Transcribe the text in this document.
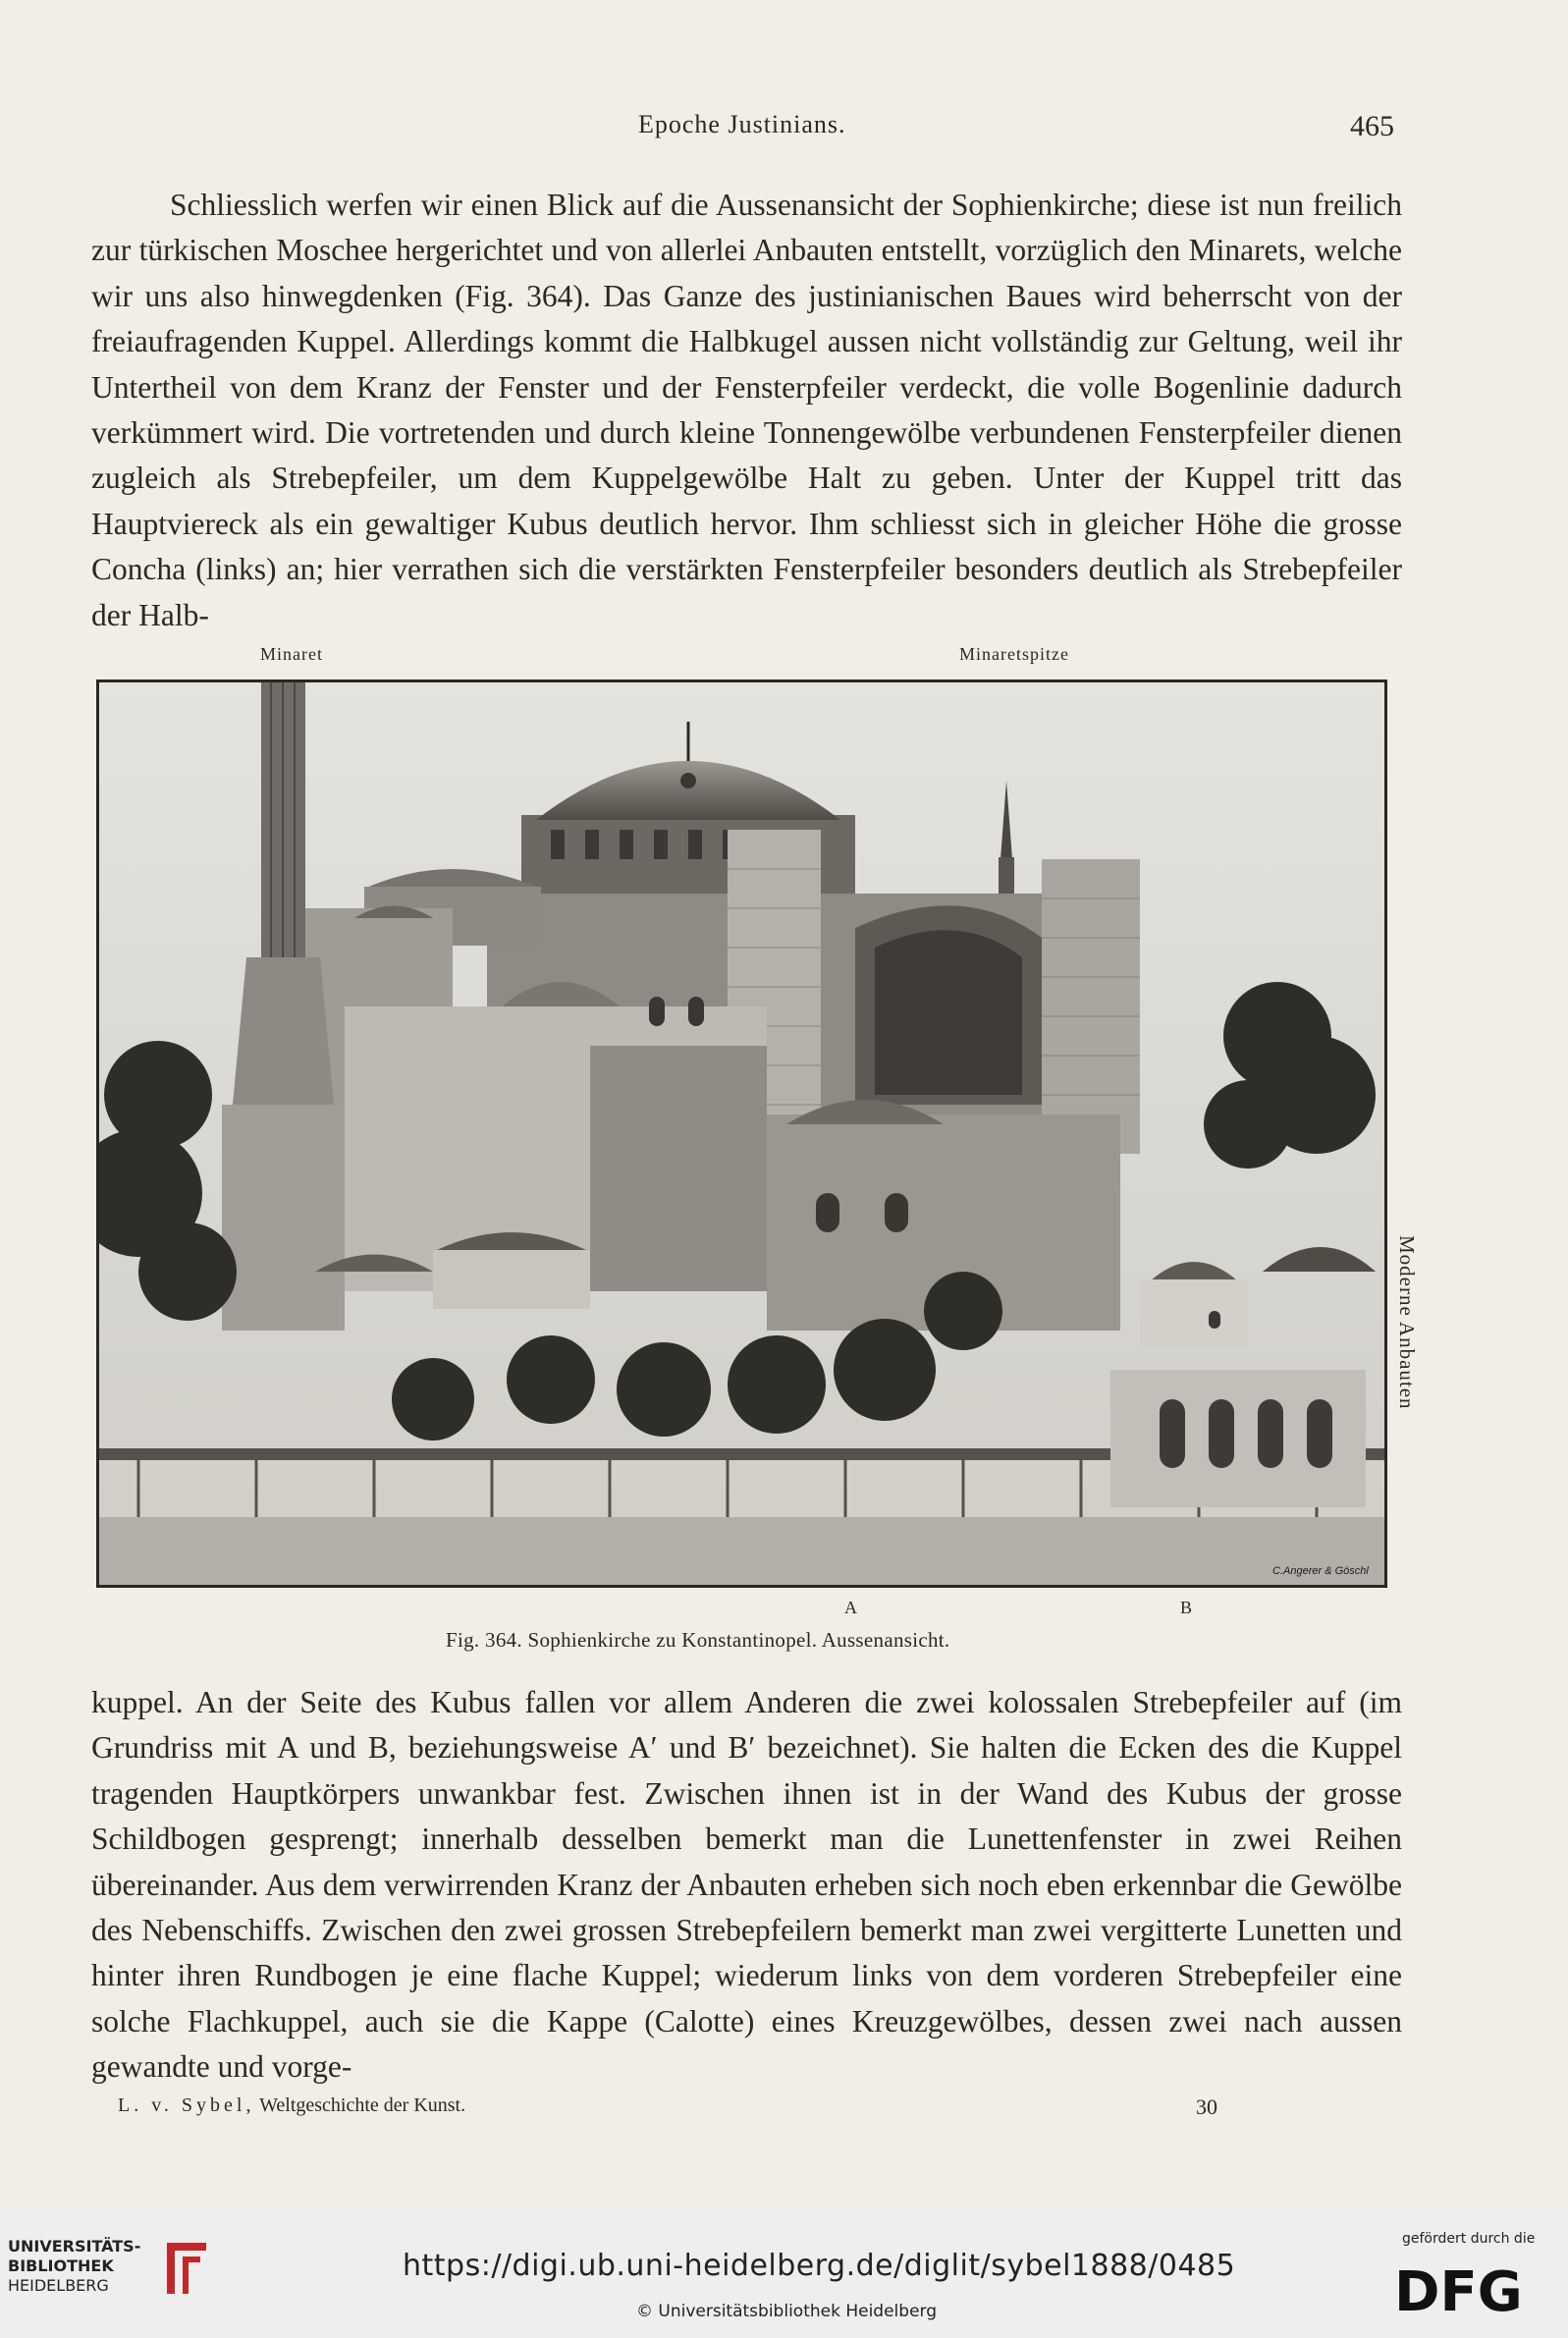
Epoche Justinians.	465

Schliesslich werfen wir einen Blick auf die Aussenansicht der Sophienkirche; diese ist nun freilich zur türkischen Moschee hergerichtet und von allerlei Anbauten entstellt, vorzüglich den Minarets, welche wir uns also hinwegdenken (Fig. 364). Das Ganze des justinianischen Baues wird beherrscht von der freiaufragenden Kuppel. Allerdings kommt die Halbkugel aussen nicht vollständig zur Geltung, weil ihr Untertheil von dem Kranz der Fenster und der Fensterpfeiler verdeckt, die volle Bogenlinie dadurch verkümmert wird. Die vortretenden und durch kleine Tonnengewölbe verbundenen Fensterpfeiler dienen zugleich als Strebepfeiler, um dem Kuppelgewölbe Halt zu geben. Unter der Kuppel tritt das Hauptviereck als ein gewaltiger Kubus deutlich hervor. Ihm schliesst sich in gleicher Höhe die grosse Concha (links) an; hier verrathen sich die verstärkten Fensterpfeiler besonders deutlich als Strebepfeiler der Halb-

Minaret	Minaretspitze
C.Angerer & Göschl
Moderne Anbauten
A	B
Fig. 364. Sophienkirche zu Konstantinopel. Aussenansicht.

kuppel. An der Seite des Kubus fallen vor allem Anderen die zwei kolossalen Strebepfeiler auf (im Grundriss mit A und B, beziehungsweise A′ und B′ bezeichnet). Sie halten die Ecken des die Kuppel tragenden Hauptkörpers unwankbar fest. Zwischen ihnen ist in der Wand des Kubus der grosse Schildbogen gesprengt; innerhalb desselben bemerkt man die Lunettenfenster in zwei Reihen übereinander. Aus dem verwirrenden Kranz der Anbauten erheben sich noch eben erkennbar die Gewölbe des Nebenschiffs. Zwischen den zwei grossen Strebepfeilern bemerkt man zwei vergitterte Lunetten und hinter ihren Rundbogen je eine flache Kuppel; wiederum links von dem vorderen Strebepfeiler eine solche Flachkuppel, auch sie die Kappe (Calotte) eines Kreuzgewölbes, dessen zwei nach aussen gewandte und vorge-

L. v. Sybel, Weltgeschichte der Kunst.	30
UNIVERSITÄTS-
BIBLIOTHEK
HEIDELBERG
https://digi.ub.uni-heidelberg.de/diglit/sybel1888/0485
© Universitätsbibliothek Heidelberg
gefördert durch die
DFG
